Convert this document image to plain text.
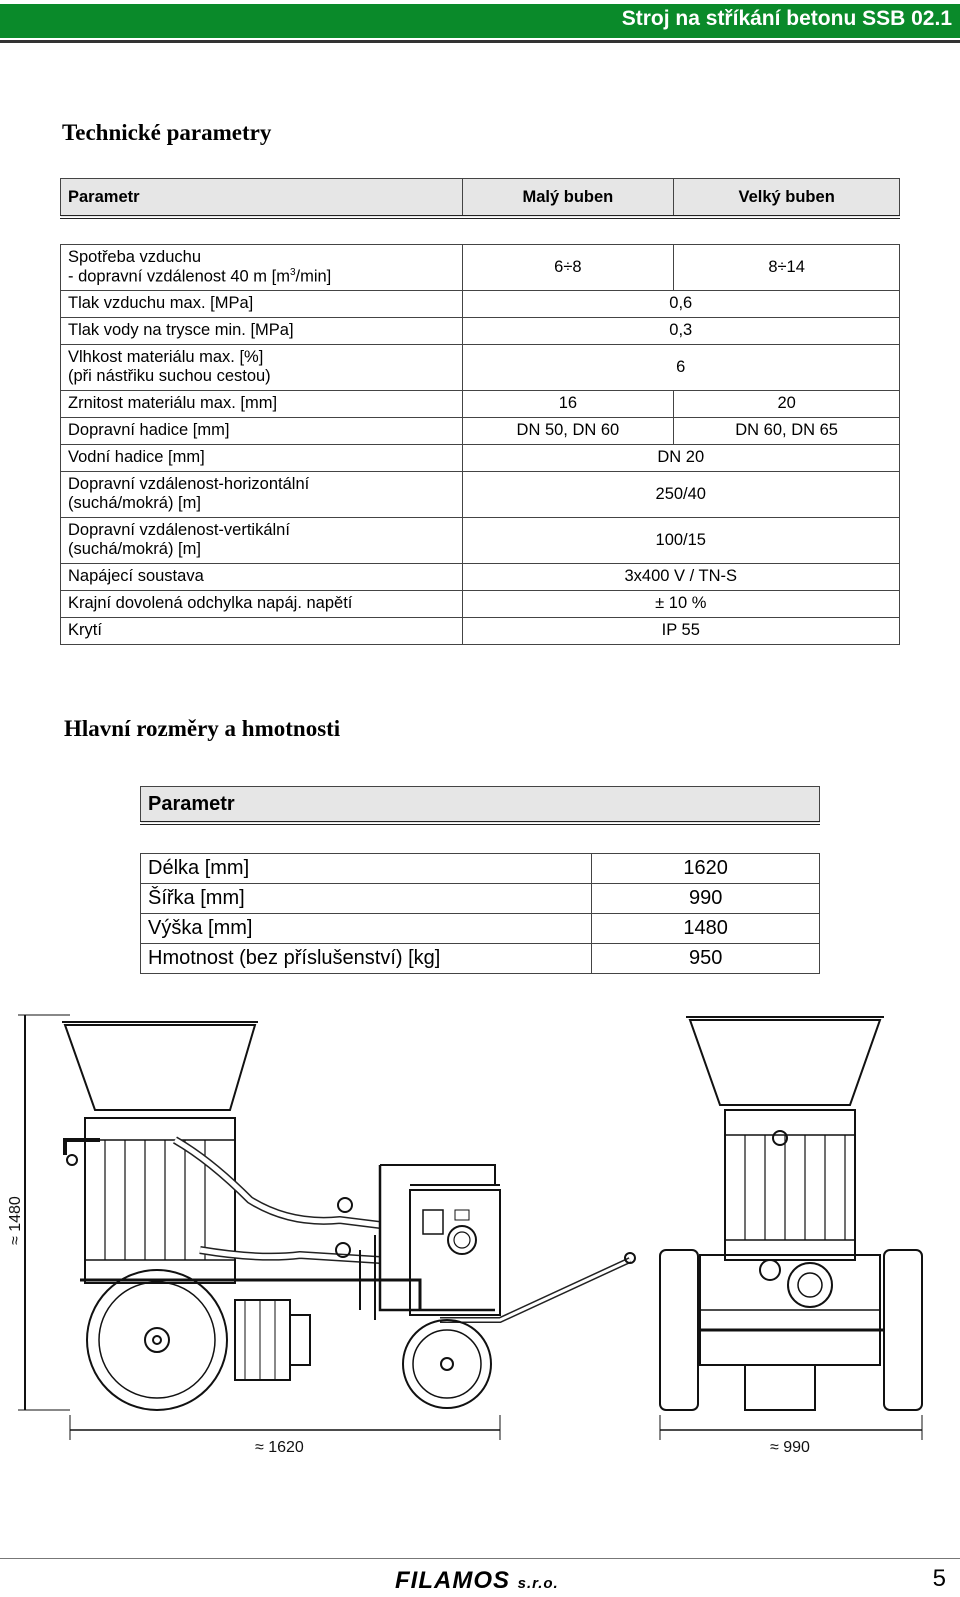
Stroj na stříkání betonu SSB 02.1
Technické parametry
Parametr	Malý buben	Velký buben

Spotřeba vzduchu
- dopravní vzdálenost 40 m $[m^3/\min]$	6÷8	8÷14
Tlak vzduchu max. [MPa]	0,6	
Tlak vody na trysce min. [MPa]	0,3	
Vlhkost materiálu max. [%]
(při nástřiku suchou cestou)	6	
Zrnitost materiálu max. [mm]	16	20
Dopravní hadice [mm]	DN 50, DN 60	DN 60, DN 65
Vodní hadice [mm]	DN 20	
Dopravní vzdálenost-horizontální
(suchá/mokrá) [m]	250/40	
Dopravní vzdálenost-vertikální
(suchá/mokrá) [m]	100/15	
Napájecí soustava	3x400 V / TN-S	
Krajní dovolená odchylka napáj. napětí	± 10 %	
Krytí	IP 55	
Hlavní rozměry a hmotnosti
Parametr	

Délka [mm]	1620
Šířka [mm]	990
Výška [mm]	1480
Hmotnost (bez příslušenství) [kg]	950
≈ 1480
≈ 1620	≈ 990
FILAMOS s.r.o.	5
